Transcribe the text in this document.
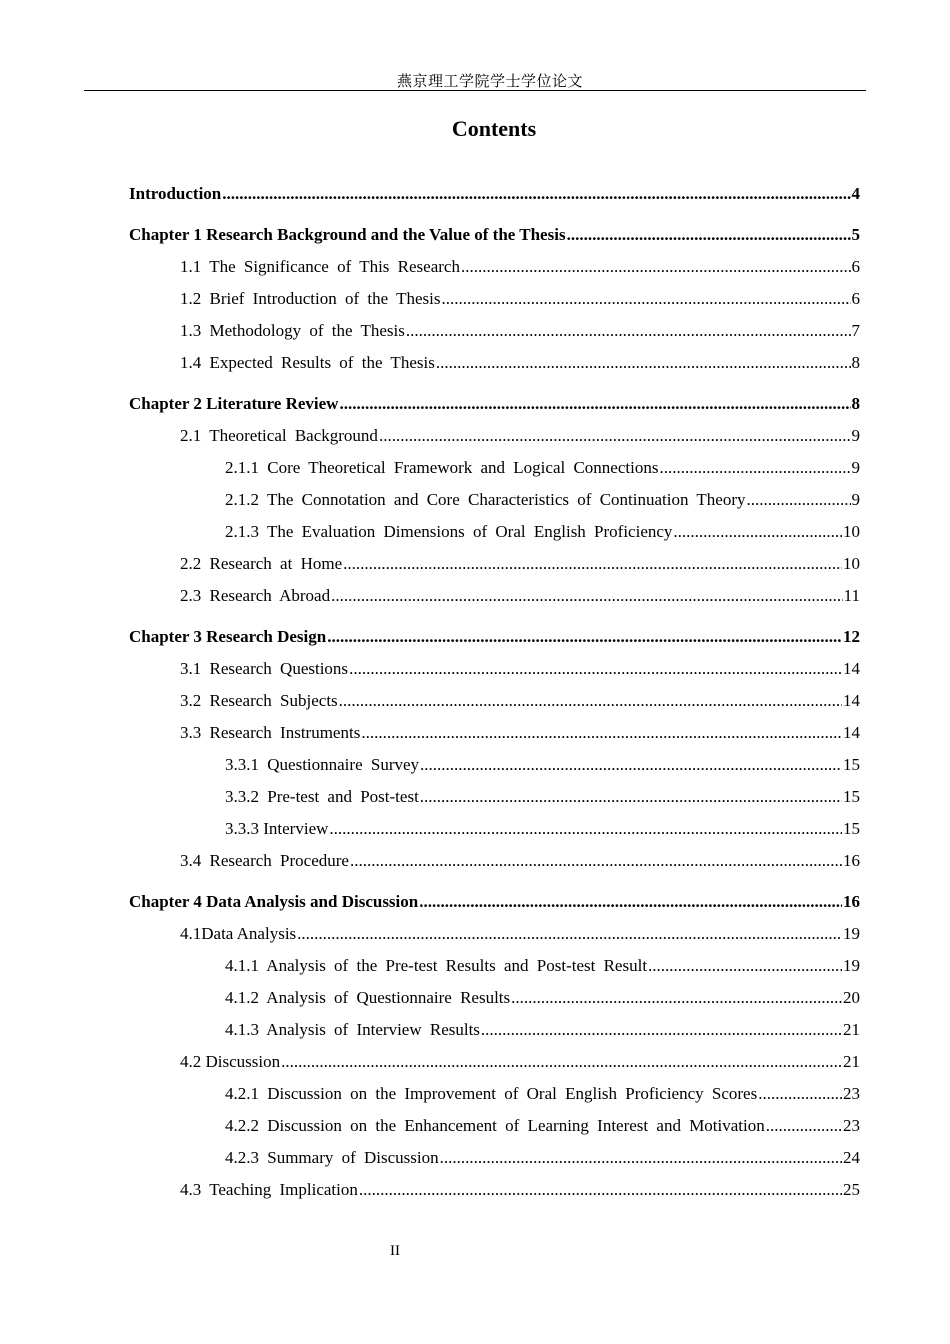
燕京理工学院学士学位论文
Contents
Introduction .....	4
Chapter 1 Research Background and the Value of the Thesis .....	5
1.1 The Significance of This Research .....	6
1.2 Brief Introduction of the Thesis .....	6
1.3 Methodology of the Thesis .....	7
1.4 Expected Results of the Thesis .....	8
Chapter 2 Literature Review .....	8
2.1 Theoretical Background .....	9
2.1.1 Core Theoretical Framework and Logical Connections .....	9
2.1.2 The Connotation and Core Characteristics of Continuation Theory .....	9
2.1.3 The Evaluation Dimensions of Oral English Proficiency .....	10
2.2 Research at Home .....	10
2.3 Research Abroad .....	11
Chapter 3 Research Design .....	12
3.1 Research Questions .....	14
3.2 Research Subjects .....	14
3.3 Research Instruments .....	14
3.3.1 Questionnaire Survey .....	15
3.3.2 Pre-test and Post-test .....	15
3.3.3 Interview .....	15
3.4 Research Procedure .....	16
Chapter 4 Data Analysis and Discussion .....	16
4.1Data Analysis .....	19
4.1.1 Analysis of the Pre-test Results and Post-test Result .....	19
4.1.2 Analysis of Questionnaire Results .....	20
4.1.3 Analysis of Interview Results .....	21
4.2 Discussion .....	21
4.2.1 Discussion on the Improvement of Oral English Proficiency Scores .....	23
4.2.2 Discussion on the Enhancement of Learning Interest and Motivation .....	23
4.2.3 Summary of Discussion .....	24
4.3 Teaching Implication .....	25
II
